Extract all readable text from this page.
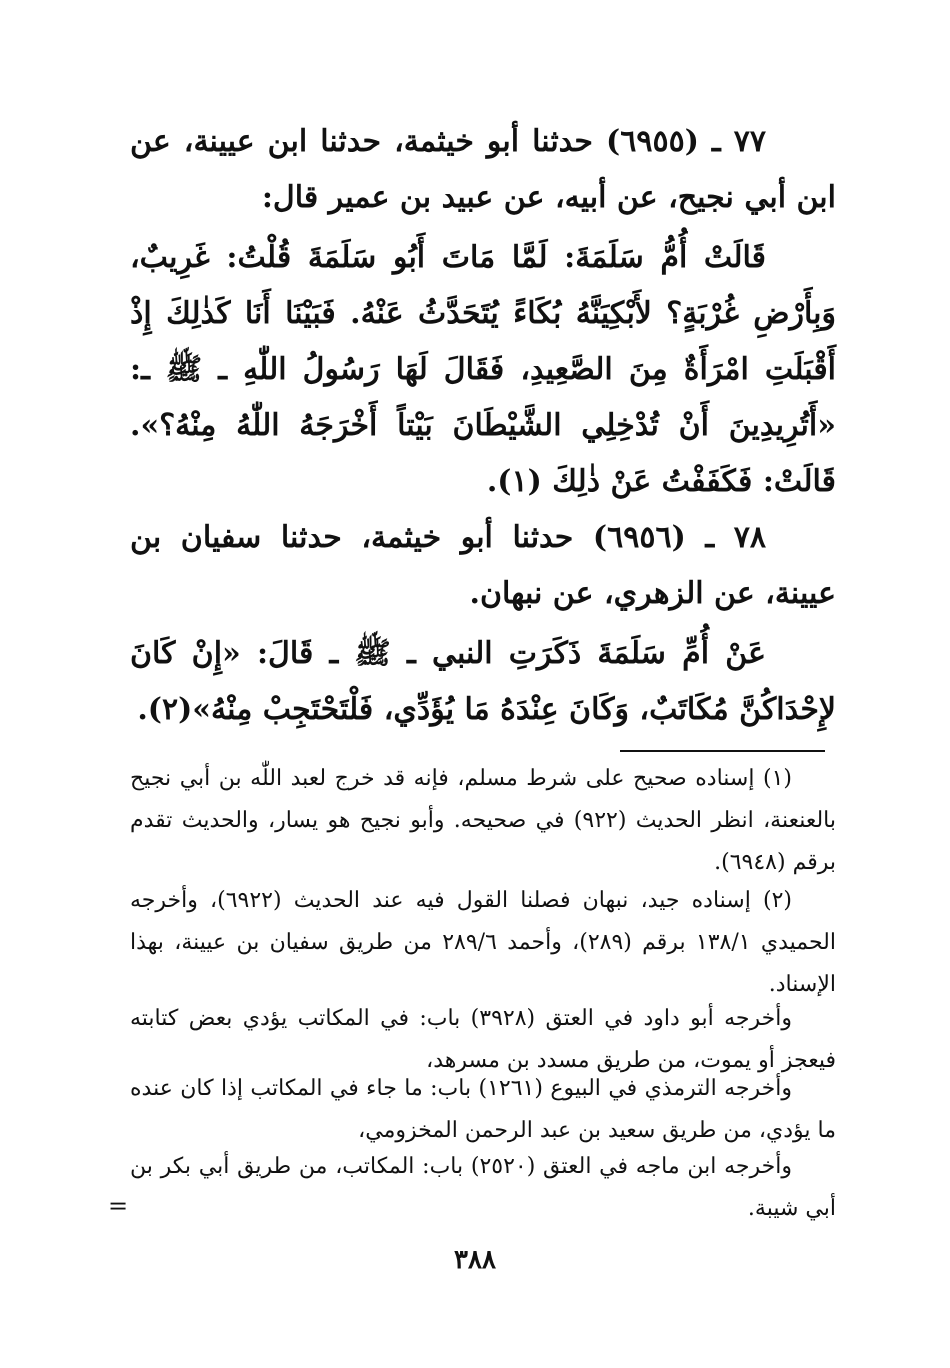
٧٧ ـ (٦٩٥٥) حدثنا أبو خيثمة، حدثنا ابن عيينة، عن ابن أبي نجيح، عن أبيه، عن عبيد بن عمير قال:
قَالَتْ أُمُّ سَلَمَةَ: لَمَّا مَاتَ أَبُو سَلَمَةَ قُلْتُ: غَرِيبٌ، وَبِأَرْضِ غُرْبَةٍ؟ لأَبْكِيَنَّهُ بُكَاءً يُتَحَدَّثُ عَنْهُ. فَبَيْنَا أَنَا كَذٰلِكَ إِذْ أَقْبَلَتِ امْرَأَةٌ مِنَ الصَّعِيدِ، فَقَالَ لَهَا رَسُولُ اللّٰهِ ـ ﷺ ـ: «أَتُرِيدِينَ أَنْ تُدْخِلِي الشَّيْطَانَ بَيْتاً أَخْرَجَهُ اللّٰهُ مِنْهُ؟». قَالَتْ: فَكَفَفْتُ عَنْ ذٰلِكَ (١).
٧٨ ـ (٦٩٥٦) حدثنا أبو خيثمة، حدثنا سفيان بن عيينة، عن الزهري، عن نبهان.
عَنْ أُمِّ سَلَمَةَ ذَكَرَتِ النبي ـ ﷺ ـ قَالَ: «إِنْ كَانَ لإِحْدَاكُنَّ مُكَاتَبٌ، وَكَانَ عِنْدَهُ مَا يُؤَدِّي، فَلْتَحْتَجِبْ مِنْهُ»(٢).
(١) إسناده صحيح على شرط مسلم، فإنه قد خرج لعبد اللّٰه بن أبي نجيح بالعنعنة، انظر الحديث (٩٢٢) في صحيحه. وأبو نجيح هو يسار، والحديث تقدم برقم (٦٩٤٨).
(٢) إسناده جيد، نبهان فصلنا القول فيه عند الحديث (٦٩٢٢)، وأخرجه الحميدي ١٣٨/١ برقم (٢٨٩)، وأحمد ٢٨٩/٦ من طريق سفيان بن عيينة، بهذا الإسناد.
وأخرجه أبو داود في العتق (٣٩٢٨) باب: في المكاتب يؤدي بعض كتابته فيعجز أو يموت، من طريق مسدد بن مسرهد،
وأخرجه الترمذي في البيوع (١٢٦١) باب: ما جاء في المكاتب إذا كان عنده ما يؤدي، من طريق سعيد بن عبد الرحمن المخزومي،
وأخرجه ابن ماجه في العتق (٢٥٢٠) باب: المكاتب، من طريق أبي بكر بن أبي شيبة.
=
٣٨٨
